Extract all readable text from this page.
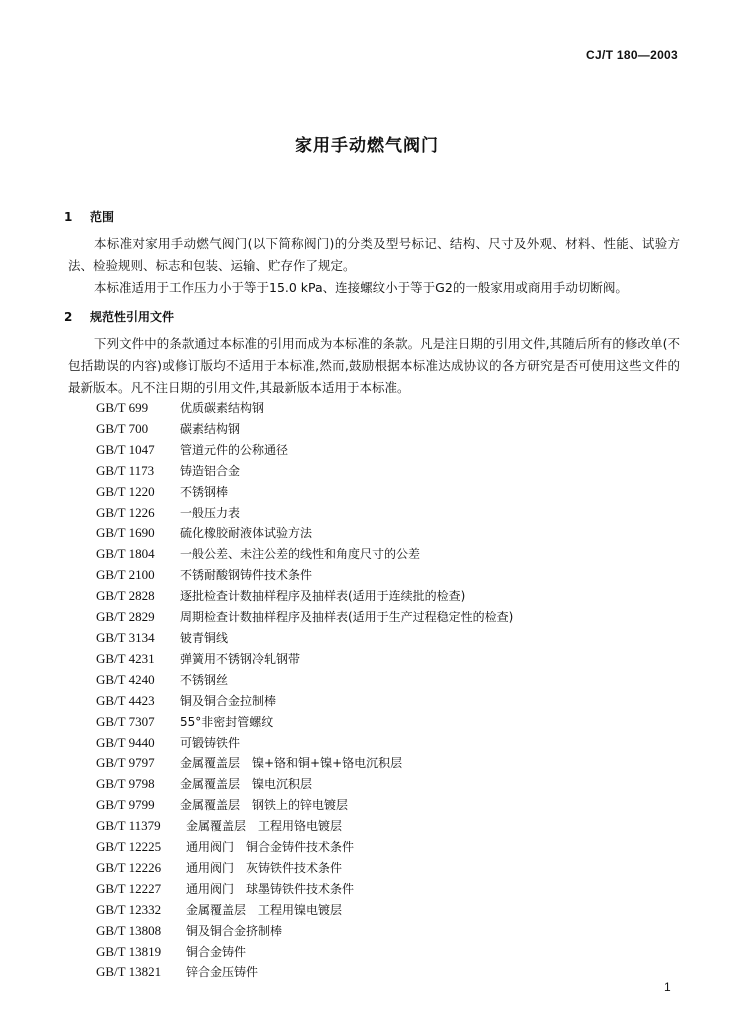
CJ/T 180—2003
家用手动燃气阀门
1 范围
本标准对家用手动燃气阀门(以下简称阀门)的分类及型号标记、结构、尺寸及外观、材料、性能、试验方法、检验规则、标志和包装、运输、贮存作了规定。
本标准适用于工作压力小于等于15.0 kPa、连接螺纹小于等于G2的一般家用或商用手动切断阀。
2 规范性引用文件
下列文件中的条款通过本标准的引用而成为本标准的条款。凡是注日期的引用文件,其随后所有的修改单(不包括勘误的内容)或修订版均不适用于本标准,然而,鼓励根据本标准达成协议的各方研究是否可使用这些文件的最新版本。凡不注日期的引用文件,其最新版本适用于本标准。
GB/T 699	优质碳素结构钢
GB/T 700	碳素结构钢
GB/T 1047 管道元件的公称通径
GB/T 1173 铸造铝合金
GB/T 1220 不锈钢棒
GB/T 1226 一般压力表
GB/T 1690 硫化橡胶耐液体试验方法
GB/T 1804 一般公差、未注公差的线性和角度尺寸的公差
GB/T 2100 不锈耐酸钢铸件技术条件
GB/T 2828 逐批检查计数抽样程序及抽样表(适用于连续批的检查)
GB/T 2829 周期检查计数抽样程序及抽样表(适用于生产过程稳定性的检查)
GB/T 3134 铍青铜线
GB/T 4231 弹簧用不锈钢冷轧钢带
GB/T 4240 不锈钢丝
GB/T 4423 铜及铜合金拉制棒
GB/T 7307 55°非密封管螺纹
GB/T 9440 可锻铸铁件
GB/T 9797 金属覆盖层　镍+铬和铜+镍+铬电沉积层
GB/T 9798 金属覆盖层　镍电沉积层
GB/T 9799 金属覆盖层　钢铁上的锌电镀层
GB/T 11379 金属覆盖层　工程用铬电镀层
GB/T 12225 通用阀门　铜合金铸件技术条件
GB/T 12226 通用阀门　灰铸铁件技术条件
GB/T 12227 通用阀门　球墨铸铁件技术条件
GB/T 12332 金属覆盖层　工程用镍电镀层
GB/T 13808 铜及铜合金挤制棒
GB/T 13819 铜合金铸件
GB/T 13821 锌合金压铸件
1
